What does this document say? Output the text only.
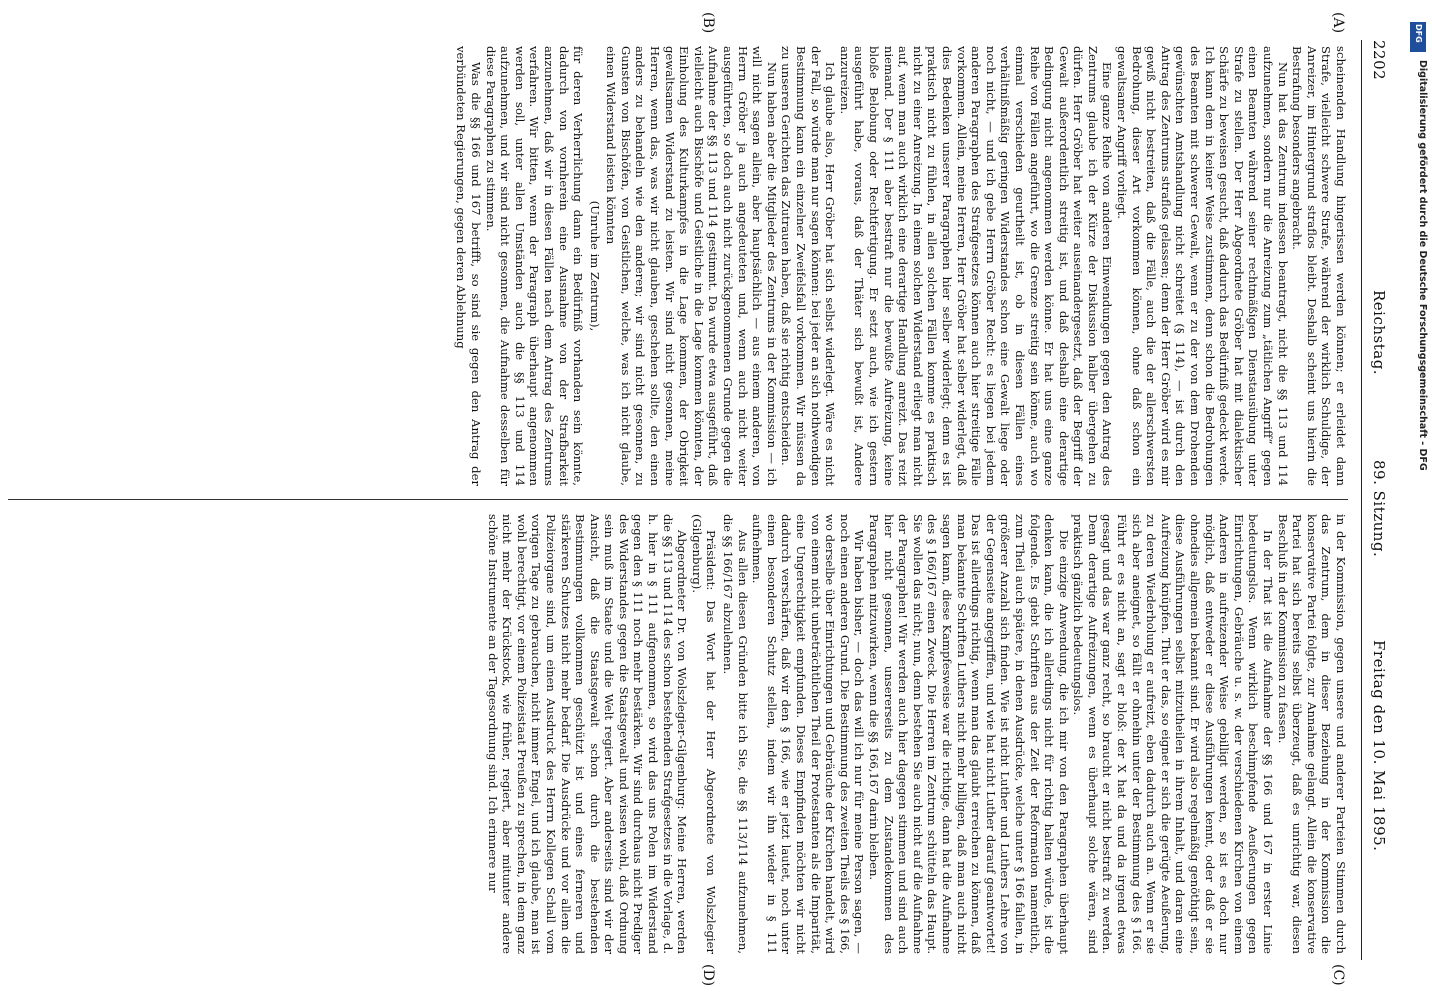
2202
Reichstag.
89. Sitzung.
Freitag den 10. Mai 1895.
(A)
(B)
(C)
(D)

scheinenden Handlung hingerissen werden können; er erleidet dann Strafe, vielleicht schwere Strafe, während der wirklich Schuldige, der Anreizer, im Hintergrund straflos bleibt. Deshalb scheint uns hierin die Bestrafung besonders angebracht.

Nun hat das Zentrum indessen beantragt, nicht die §§ 113 und 114 aufzunehmen, sondern nur die Anreizung zum „tätlichen Angriff“ gegen einen Beamten während seiner rechtmäßigen Dienstausübung unter Strafe zu stellen. Der Herr Abgeordnete Gröber hat mit dialektischer Schärfe zu beweisen gesucht, daß dadurch das Bedürfniß gedeckt werde. Ich kann dem in keiner Weise zustimmen, denn schon die Bedrohungen des Beamten mit schwerer Gewalt, wenn er zu der von dem Drohenden gewünschten Amtshandlung nicht schreitet (§ 114), — ist durch den Antrag des Zentrums straflos gelassen; denn der Herr Gröber wird es mir gewiß nicht bestreiten, daß die Fälle, auch die der allerschwersten Bedrohung, dieser Art vorkommen können, ohne daß schon ein gewaltsamer Angriff vorliegt.

Eine ganze Reihe von anderen Einwendungen gegen den Antrag des Zentrums glaube ich der Kürze der Diskussion halber übergehen zu dürfen. Herr Gröber hat weiter auseinandergesetzt, daß der Begriff der Gewalt außerordentlich streitig ist, und daß deshalb eine derartige Bedingung nicht angenommen werden könne. Er hat uns eine ganze Reihe von Fällen angeführt, wo die Grenze streitig sein könne, auch wo einmal verschieden geurtheilt ist, ob in diesen Fällen eines verhältnißmäßig geringen Widerstandes schon eine Gewalt liege oder noch nicht, — und ich gebe Herrn Gröber Recht: es liegen bei jedem anderen Paragraphen des Strafgesetzes können auch hier streitige Fälle vorkommen. Allein, meine Herren, Herr Gröber hat selber widerlegt, daß dies Bedenken unserer Paragraphen hier selber widerlegt; denn es ist praktisch nicht zu fühlen, in allen solchen Fällen komme es praktisch nicht zu einer Anreizung. In einem solchen Widerstand erliegt man nicht auf, wenn man auch wirklich eine derartige Handlung anreizt. Das reizt niemand. Der § 111 aber bestraft nur die bewußte Aufreizung, keine bloße Belobung oder Rechtfertigung. Er setzt auch, wie ich gestern ausgeführt habe, voraus, daß der Thäter sich bewußt ist, Andere anzureizen.

Ich glaube also, Herr Gröber hat sich selbst widerlegt. Wäre es nicht der Fall, so würde man nur sagen können: bei jeder an sich nothwendigen Bestimmung kann ein einzelner Zweifelsfall vorkommen. Wir müssen da zu unseren Gerichten das Zutrauen haben, daß sie richtig entscheiden.

Nun haben aber die Mitglieder des Zentrums in der Kommission — ich will nicht sagen allein, aber hauptsächlich — aus einem anderen, von Herrn Gröber ja auch angedeuteten und, wenn auch nicht weiter ausgeführten, so doch auch nicht zurückgenommenen Grunde gegen die Aufnahme der §§ 113 und 114 gestimmt. Da wurde etwa ausgeführt, daß vielleicht auch Bischöfe und Geistliche in die Lage kommen könnten, der Einholung des Kulturkampfes in die Lage kommen, der Obrigkeit gewaltsamen Widerstand zu leisten. Wir sind nicht gesonnen, meine Herren, wenn das, was wir nicht glauben, geschehen sollte, den einen anders zu behandeln wie den anderen; wir sind nicht gesonnen, zu Gunsten von Bischöfen, von Geistlichen, welche, was ich nicht glaube, einen Widerstand leisten könnten

(Unruhe im Zentrum),

für deren Verherrlichung dann ein Bedürfniß vorhanden sein könnte, dadurch von vornherein eine Ausnahme von der Strafbarkeit anzunehmen, daß wir in diesen Fällen nach dem Antrag des Zentrums verfahren. Wir bitten, wenn der Paragraph überhaupt angenommen werden soll, unter allen Umständen auch die §§ 113 und 114 aufzunehmen, und wir sind nicht gesonnen, die Aufnahme desselben für diese Paragraphen zu stimmen.

Was die §§ 166 und 167 betrifft, so sind sie gegen den Antrag der verbündeten Regierungen, gegen deren Ablehnung

in der Kommission, gegen unsere und anderer Parteien Stimmen durch das Zentrum, dem in dieser Beziehung in der Kommission die konservative Partei folgte, zur Annahme gelangt. Allein die konservative Partei hat sich bereits selbst überzeugt, daß es unrichtig war, diesen Beschluß in der Kommission zu fassen.

In der That ist die Aufnahme der §§ 166 und 167 in erster Linie bedeutungslos. Wenn wirklich beschimpfende Aeußerungen gegen Einrichtungen, Gebräuche u. s. w. der verschiedenen Kirchen von einem Anderen in aufreizender Weise gebilligt werden, so ist es doch nur möglich, daß entweder er diese Ausführungen kennt, oder daß er sie ohnedies allgemein bekannt sind. Er wird also regelmäßig genöthigt sein, diese Ausführungen selbst mitzutheilen in ihrem Inhalt, und daran eine Aufreizung knüpfen. Thut er das, so eignet er sich die gerügte Aeußerung, zu deren Wiederholung er aufreizt, eben dadurch auch an. Wenn er sie sich aber aneignet, so fällt er ohnehin unter der Bestimmung des § 166. Führt er es nicht an, sagt er bloß: der X hat da und da irgend etwas gesagt und das war ganz recht, so braucht er nicht bestraft zu werden. Denn derartige Aufreizungen, wenn es überhaupt solche wären, sind praktisch gänzlich bedeutungslos.

Die einzige Anwendung, die ich mir von den Paragraphen überhaupt denken kann, die ich allerdings nicht für richtig halten würde, ist die folgende. Es giebt Schriften aus der Zeit der Reformation namentlich, zum Theil auch spätere, in denen Ausdrücke, welche unter § 166 fallen, in größerer Anzahl sich finden. Wie ist nicht Luther und Luthers Lehre von der Gegenseite angegriffen, und wie hat nicht Luther darauf geantwortet! Das ist allerdings richtig, wenn man das glaubt erreichen zu können, daß man bekannte Schriften Luthers nicht mehr billigen, daß man auch nicht sagen kann, diese Kampfesweise war die richtige, dann hat die Aufnahme des § 166/167 einen Zweck. Die Herren im Zentrum schütteln das Haupt. Sie wollen das nicht; nun, denn bestehen Sie auch nicht auf die Aufnahme der Paragraphen! Wir werden auch hier dagegen stimmen und sind auch hier nicht gesonnen, unsererseits zu dem Zustandekommen des Paragraphen mitzuwirken, wenn die §§ 166,167 darin bleiben.

Wir haben bisher, — doch das will ich nur für meine Person sagen, — noch einen anderen Grund. Die Bestimmung des zweiten Theils des § 166, wo derselbe über Einrichtungen und Gebräuche der Kirchen handelt, wird von einem nicht unbeträchtlichen Theil der Protestanten als die Imparität, eine Ungerechtigkeit empfunden. Dieses Empfinden möchten wir nicht dadurch verschärfen, daß wir den § 166, wie er jetzt lautet, noch unter einen besonderen Schutz stellen, indem wir ihn wieder in § 111 aufnehmen.

Aus allen diesen Gründen bitte ich Sie, die §§ 113/114 aufzunehmen, die §§ 166/167 abzulehnen.

Präsident: Das Wort hat der Herr Abgeordnete von Wolszlegier (Gilgenburg).

Abgeordneter Dr. von Wolszlegier-Gilgenburg: Meine Herren, werden die §§ 113 und 114 des schon bestehenden Strafgesetzes in die Vorlage, d. h. hier in § 111 aufgenommen, so wird das uns Polen im Widerstand gegen den § 111 noch mehr bestärken. Wir sind durchaus nicht Prediger des Widerstandes gegen die Staatsgewalt und wissen wohl, daß Ordnung sein muß im Staate und die Welt regiert. Aber anderseits sind wir der Ansicht, daß die Staatsgewalt schon durch die bestehenden Bestimmungen vollkommen geschützt ist und eines ferneren und stärkeren Schutzes nicht mehr bedarf. Die Ausdrücke und vor allem die Polizeiorgane sind, um einen Ausdruck des Herrn Kollegen Schall vom vorigen Tage zu gebrauchen, nicht immer Engel, und ich glaube, man ist wohl berechtigt, vor einem Polizeistaat Preußen zu sprechen, in dem ganz nicht mehr der Krückstock, wie früher, regiert, aber mitunter andere schöne Instrumente an der Tagesordnung sind. Ich erinnere nur

DFG
Digitalisierung gefördert durch die Deutsche Forschungsgemeinschaft - DFG
